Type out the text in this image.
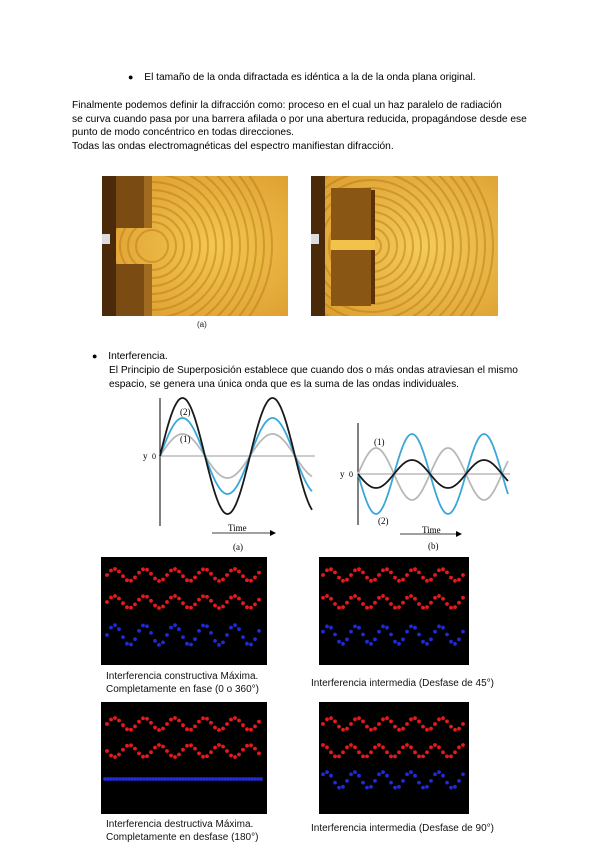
● El tamaño de la onda difractada es idéntica a la de la onda plana original.
Finalmente podemos definir la difracción como: proceso en el cual un haz paralelo de radiación
se curva cuando pasa por una barrera afilada o por una abertura reducida, propagándose desde ese
punto de modo concéntrico en todas direcciones.
Todas las ondas electromagnéticas del espectro manifiestan difracción.
(a)
● Interferencia.
El Principio de Superposición establece que cuando dos o más ondas atraviesan el mismo
espacio, se genera una única onda que es la suma de las ondas individuales.
(2)
(1)
y 0
Time
(a)
(1)
(2)
y 0
Time
(b)
Interferencia constructiva Máxima.
Completamente en fase (0 o 360°)
Interferencia intermedia (Desfase de 45°)
Interferencia destructiva Máxima.
Completamente en desfase (180°)
Interferencia intermedia (Desfase de 90°)
